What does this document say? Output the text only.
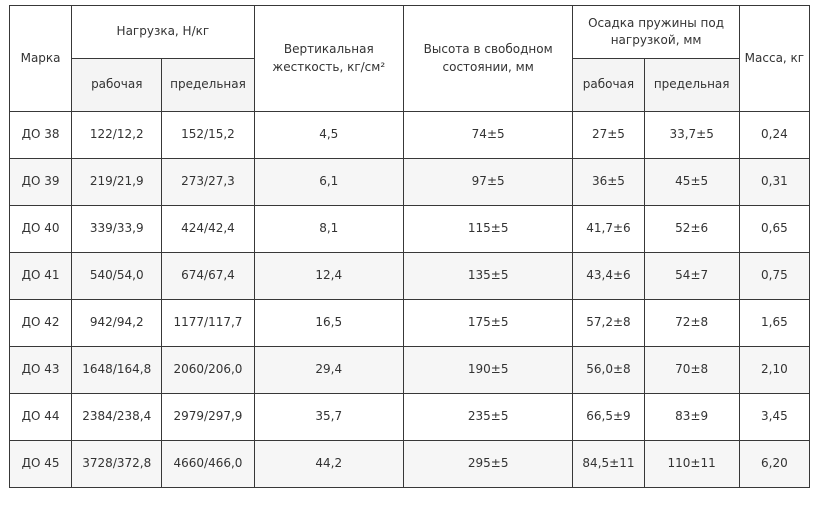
Марка	Нагрузка, Н/кг		Вертикальная жесткость, кг/см²	Высота в свободном состоянии, мм	Осадка пружины под нагрузкой, мм		Масса, кг
	рабочая	предельная			рабочая	предельная	
ДО 38	122/12,2	152/15,2	4,5	74±5	27±5	33,7±5	0,24
ДО 39	219/21,9	273/27,3	6,1	97±5	36±5	45±5	0,31
ДО 40	339/33,9	424/42,4	8,1	115±5	41,7±6	52±6	0,65
ДО 41	540/54,0	674/67,4	12,4	135±5	43,4±6	54±7	0,75
ДО 42	942/94,2	1177/117,7	16,5	175±5	57,2±8	72±8	1,65
ДО 43	1648/164,8	2060/206,0	29,4	190±5	56,0±8	70±8	2,10
ДО 44	2384/238,4	2979/297,9	35,7	235±5	66,5±9	83±9	3,45
ДО 45	3728/372,8	4660/466,0	44,2	295±5	84,5±11	110±11	6,20
